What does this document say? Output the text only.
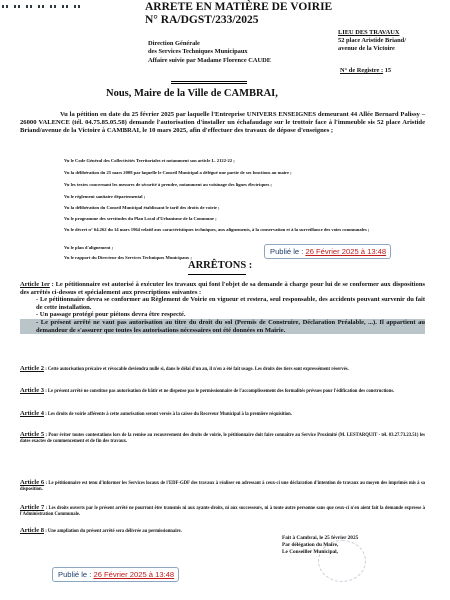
ARRETE EN MATIÈRE DE VOIRIE
N° RA/DGST/233/2025
Direction Générale
des Services Techniques Municipaux
Affaire suivie par Madame Florence CAUDE
LIEU DES TRAVAUX
52 place Aristide Briand/
avenue de la Victoire
N° de Registre : 15
Nous, Maire de la Ville de CAMBRAI,
Vu la pétition en date du 25 février 2025 par laquelle l'Entreprise UNIVERS ENSEIGNES demeurant 44 Allée Bernard Palissy – 26000 VALENCE (tél. 04.75.85.05.58) demande l'autorisation d'installer un échafaudage sur le trottoir face à l'immeuble sis 52 place Aristide Briand/avenue de la Victoire à CAMBRAI, le 10 mars 2025, afin d'effectuer des travaux de dépose d'enseignes ;
Vu le Code Général des Collectivités Territoriales et notamment son article L. 2122-22 ;
Vu la délibération du 25 mars 2008 par laquelle le Conseil Municipal a délégué une partie de ses fonctions au maire ;
Vu les textes concernant les mesures de sécurité à prendre, notamment au voisinage des lignes électriques ;
Vu le règlement sanitaire départemental ;
Vu la délibération du Conseil Municipal établissant le tarif des droits de voirie ;
Vu le programme des servitudes du Plan Local d'Urbanisme de la Commune ;
Vu le décret n° 64.262 du 14 mars 1964 relatif aux caractéristiques techniques, aux alignements, à la conservation et à la surveillance des voies communales ;
Vu le plan d'alignement ;
Vu le rapport du Directeur des Services Techniques Municipaux ;
Publié le : 26 Février 2025 à 13:48
ARRÊTONS :
Article 1er : Le pétitionnaire est autorisé à exécuter les travaux qui font l'objet de sa demande à charge pour lui de se conformer aux dispositions des arrêtés ci-dessus et spécialement aux prescriptions suivantes :
- Le pétitionnaire devra se conformer au Règlement de Voirie en vigueur et restera, seul responsable, des accidents pouvant survenir du fait de cette installation.
- Un passage protégé pour piétons devra être respecté.
- Le présent arrêté ne vaut pas autorisation au titre du droit du sol (Permis de Construire, Déclaration Préalable, ...). Il appartient au demandeur de s'assurer que toutes les autorisations nécessaires ont été données en Mairie.
Article 2 : Cette autorisation précaire et révocable deviendra nulle si, dans le délai d'un an, il n'en a été fait usage. Les droits des tiers sont expressément réservés.
Article 3 : Le présent arrêté ne constitue pas autorisation de bâtir et ne dispense pas le permissionnaire de l'accomplissement des formalités prévues pour l'édification des constructions.
Article 4 : Les droits de voirie afférents à cette autorisation seront versés à la caisse du Receveur Municipal à la première réquisition.
Article 5 : Pour éviter toutes contestations lors de la remise au recouvrement des droits de voirie, le pétitionnaire doit faire connaître au Service Proximité (M. LESTARQUIT - tél. 03.27.73.23.51) les dates exactes de commencement et de fin des travaux.
Article 6 : Le pétitionnaire est tenu d'informer les Services locaux de l'EDF-GDF des travaux à réaliser en adressant à ceux-ci une déclaration d'intention de travaux au moyen des imprimés mis à sa disposition.
Article 7 : Les droits ouverts par le présent arrêté ne pourront être transmis ni aux ayants-droits, ni aux successeurs, ni à toute autre personne sans que ceux-ci n'en aient fait la demande expresse à l'Administration Communale.
Article 8 : Une ampliation du présent arrêté sera délivrée au permissionnaire.
Fait à Cambrai, le 25 février 2025
Par délégation du Maire,
Le Conseiller Municipal,
Publié le : 26 Février 2025 à 13:48
